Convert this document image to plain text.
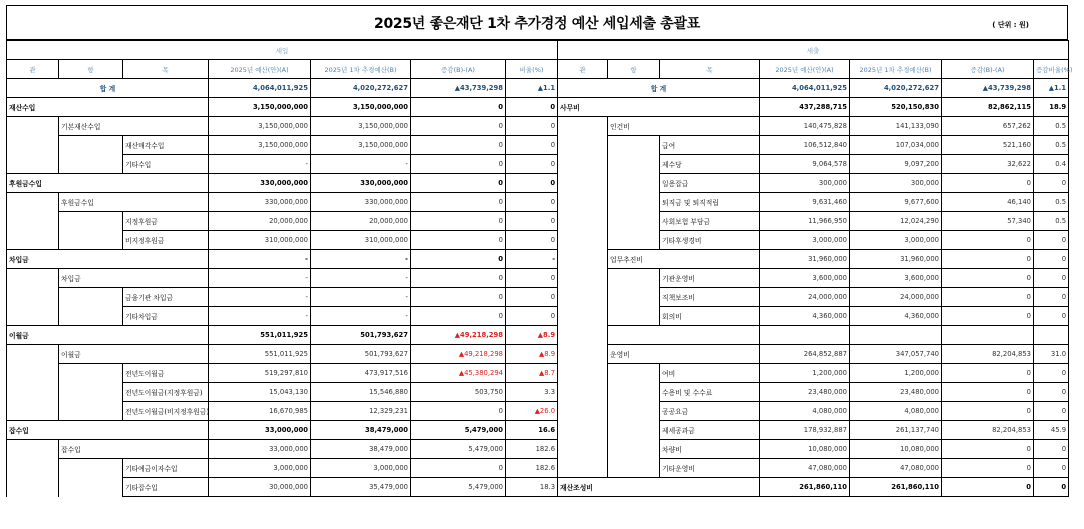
2025년 좋은재단 1차 추가경정 예산 세입세출 총괄표	( 단위 : 원)
세입						
관	항	목	2025년 예산(안)(A)	2025년 1차 추경예산(B)	증감(B)-(A)	비율(%)
합 계			4,064,011,925	4,020,272,627	▲43,739,298	▲1.1
재산수입			3,150,000,000	3,150,000,000	0	0
	기본재산수입		3,150,000,000	3,150,000,000	0	0
		재산매각수입	3,150,000,000	3,150,000,000	0	0
		기타수입	-	-	0	0
후원금수입			330,000,000	330,000,000	0	0
	후원금수입		330,000,000	330,000,000	0	0
		지정후원금	20,000,000	20,000,000	0	0
		비지정후원금	310,000,000	310,000,000	0	0
차입금			-	-	0	-
	차입금		-	-	0	0
		금융기관 차입금	-	-	0	0
		기타차입금	-	-	0	0
이월금			551,011,925	501,793,627	▲49,218,298	▲8.9
	이월금		551,011,925	501,793,627	▲49,218,298	▲8.9
		전년도이월금	519,297,810	473,917,516	▲45,380,294	▲8.7
		전년도이월금(지정후원금)	15,043,130	15,546,880	503,750	3.3
		전년도이월금(비지정후원금)	16,670,985	12,329,231	0	▲26.0
잡수입			33,000,000	38,479,000	5,479,000	16.6
	잡수입		33,000,000	38,479,000	5,479,000	182.6
		기타예금이자수입	3,000,000	3,000,000	0	182.6
		기타잡수입	30,000,000	35,479,000	5,479,000	18.3
세출						
관	항	목	2025년 예산(안)(A)	2025년 1차 추경예산(B)	증감(B)-(A)	증감비율(%)
합 계			4,064,011,925	4,020,272,627	▲43,739,298	▲1.1
사무비			437,288,715	520,150,830	82,862,115	18.9
	인건비		140,475,828	141,133,090	657,262	0.5
		급여	106,512,840	107,034,000	521,160	0.5
		제수당	9,064,578	9,097,200	32,622	0.4
		일용잡급	300,000	300,000	0	0
		퇴직금 및 퇴직적립	9,631,460	9,677,600	46,140	0.5
		사회보험 부담금	11,966,950	12,024,290	57,340	0.5
		기타후생경비	3,000,000	3,000,000	0	0
	업무추진비		31,960,000	31,960,000	0	0
		기관운영비	3,600,000	3,600,000	0	0
		직책보조비	24,000,000	24,000,000	0	0
		회의비	4,360,000	4,360,000	0	0

	운영비		264,852,887	347,057,740	82,204,853	31.0
		여비	1,200,000	1,200,000	0	0
		수용비 및 수수료	23,480,000	23,480,000	0	0
		공공요금	4,080,000	4,080,000	0	0
		제세공과금	178,932,887	261,137,740	82,204,853	45.9
		차량비	10,080,000	10,080,000	0	0
		기타운영비	47,080,000	47,080,000	0	0
재산조성비			261,860,110	261,860,110	0	0
